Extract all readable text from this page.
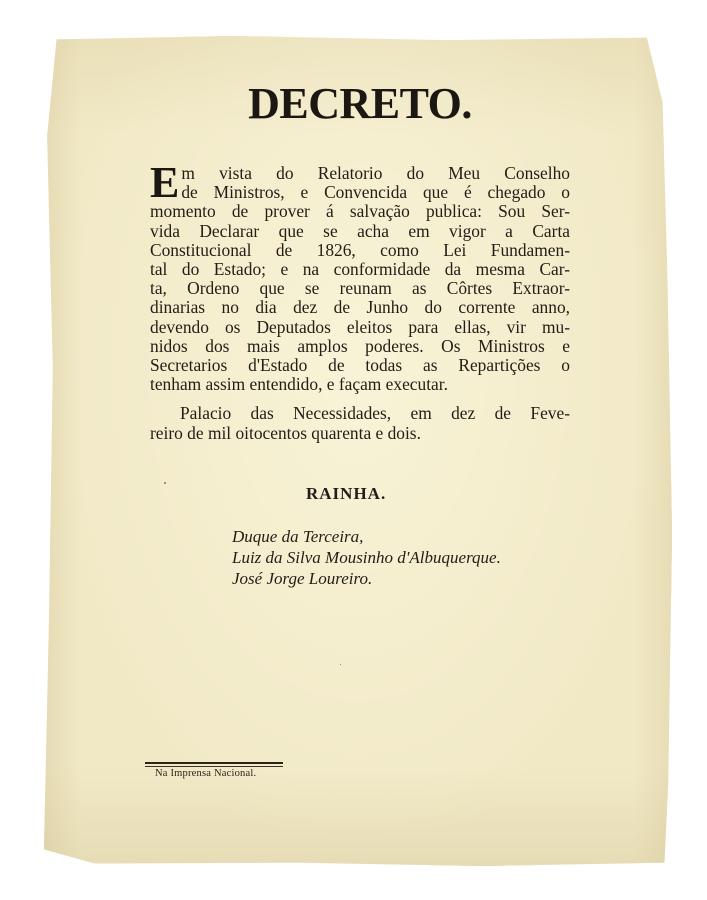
DECRETO.
E m vista do Relatorio do Meu Conselho
de Ministros, e Convencida que é chegado o
momento de prover á salvação publica: Sou Ser-
vida Declarar que se acha em vigor a Carta
Constitucional de 1826, como Lei Fundamen-
tal do Estado; e na conformidade da mesma Car-
ta, Ordeno que se reunam as Côrtes Extraor-
dinarias no dia dez de Junho do corrente anno,
devendo os Deputados eleitos para ellas, vir mu-
nidos dos mais amplos poderes. Os Ministros e
Secretarios d'Estado de todas as Repartições o
tenham assim entendido, e façam executar.
Palacio das Necessidades, em dez de Feve-
reiro de mil oitocentos quarenta e dois.
RAINHA.
Duque da Terceira,
Luiz da Silva Mousinho d'Albuquerque.
José Jorge Loureiro.
Na Imprensa Nacional.
